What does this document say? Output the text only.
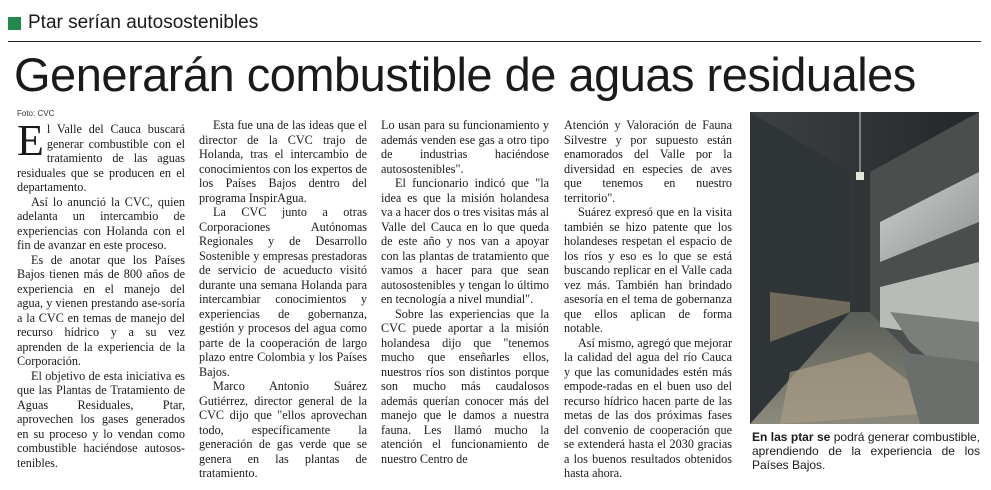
Ptar serían autosostenibles
Generarán combustible de aguas residuales
Foto: CVC

El Valle del Cauca buscará generar combustible con el tratamiento de las aguas residuales que se producen en el departamento.

Así lo anunció la CVC, quien adelanta un intercambio de experiencias con Holanda con el fin de avanzar en este proceso.

Es de anotar que los Países Bajos tienen más de 800 años de experiencia en el manejo del agua, y vienen prestando ase-soría a la CVC en temas de manejo del recurso hídrico y a su vez aprenden de la experiencia de la Corporación.

El objetivo de esta iniciativa es que las Plantas de Tratamiento de Aguas Residuales, Ptar, aprovechen los gases generados en su proceso y lo vendan como combustible haciéndose autosos-tenibles.

Esta fue una de las ideas que el director de la CVC trajo de Holanda, tras el intercambio de conocimientos con los expertos de los Países Bajos dentro del programa InspirAgua.

La CVC junto a otras Corporaciones Autónomas Regionales y de Desarrollo Sostenible y empresas prestadoras de servicio de acueducto visitó durante una semana Holanda para intercambiar conocimientos y experiencias de gobernanza, gestión y procesos del agua como parte de la cooperación de largo plazo entre Colombia y los Países Bajos.

Marco Antonio Suárez Gutiérrez, director general de la CVC dijo que "ellos aprovechan todo, específicamente la generación de gas verde que se genera en las plantas de tratamiento.

Lo usan para su funcionamiento y además venden ese gas a otro tipo de industrias haciéndose autosostenibles".

El funcionario indicó que "la idea es que la misión holandesa va a hacer dos o tres visitas más al Valle del Cauca en lo que queda de este año y nos van a apoyar con las plantas de tratamiento que vamos a hacer para que sean autosostenibles y tengan lo último en tecnología a nivel mundial".

Sobre las experiencias que la CVC puede aportar a la misión holandesa dijo que "tenemos mucho que enseñarles ellos, nuestros ríos son distintos porque son mucho más caudalosos además querían conocer más del manejo que le damos a nuestra fauna. Les llamó mucho la atención el funcionamiento de nuestro Centro de

Atención y Valoración de Fauna Silvestre y por supuesto están enamorados del Valle por la diversidad en especies de aves que tenemos en nuestro territorio".

Suárez expresó que en la visita también se hizo patente que los holandeses respetan el espacio de los ríos y eso es lo que se está buscando replicar en el Valle cada vez más. También han brindado asesoría en el tema de gobernanza que ellos aplican de forma notable.

Así mismo, agregó que mejorar la calidad del agua del río Cauca y que las comunidades estén más empode-radas en el buen uso del recurso hídrico hacen parte de las metas de las dos próximas fases del convenio de cooperación que se extenderá hasta el 2030 gracias a los buenos resultados obtenidos hasta ahora.

En las ptar se podrá generar combustible, aprendiendo de la experiencia de los Países Bajos.
